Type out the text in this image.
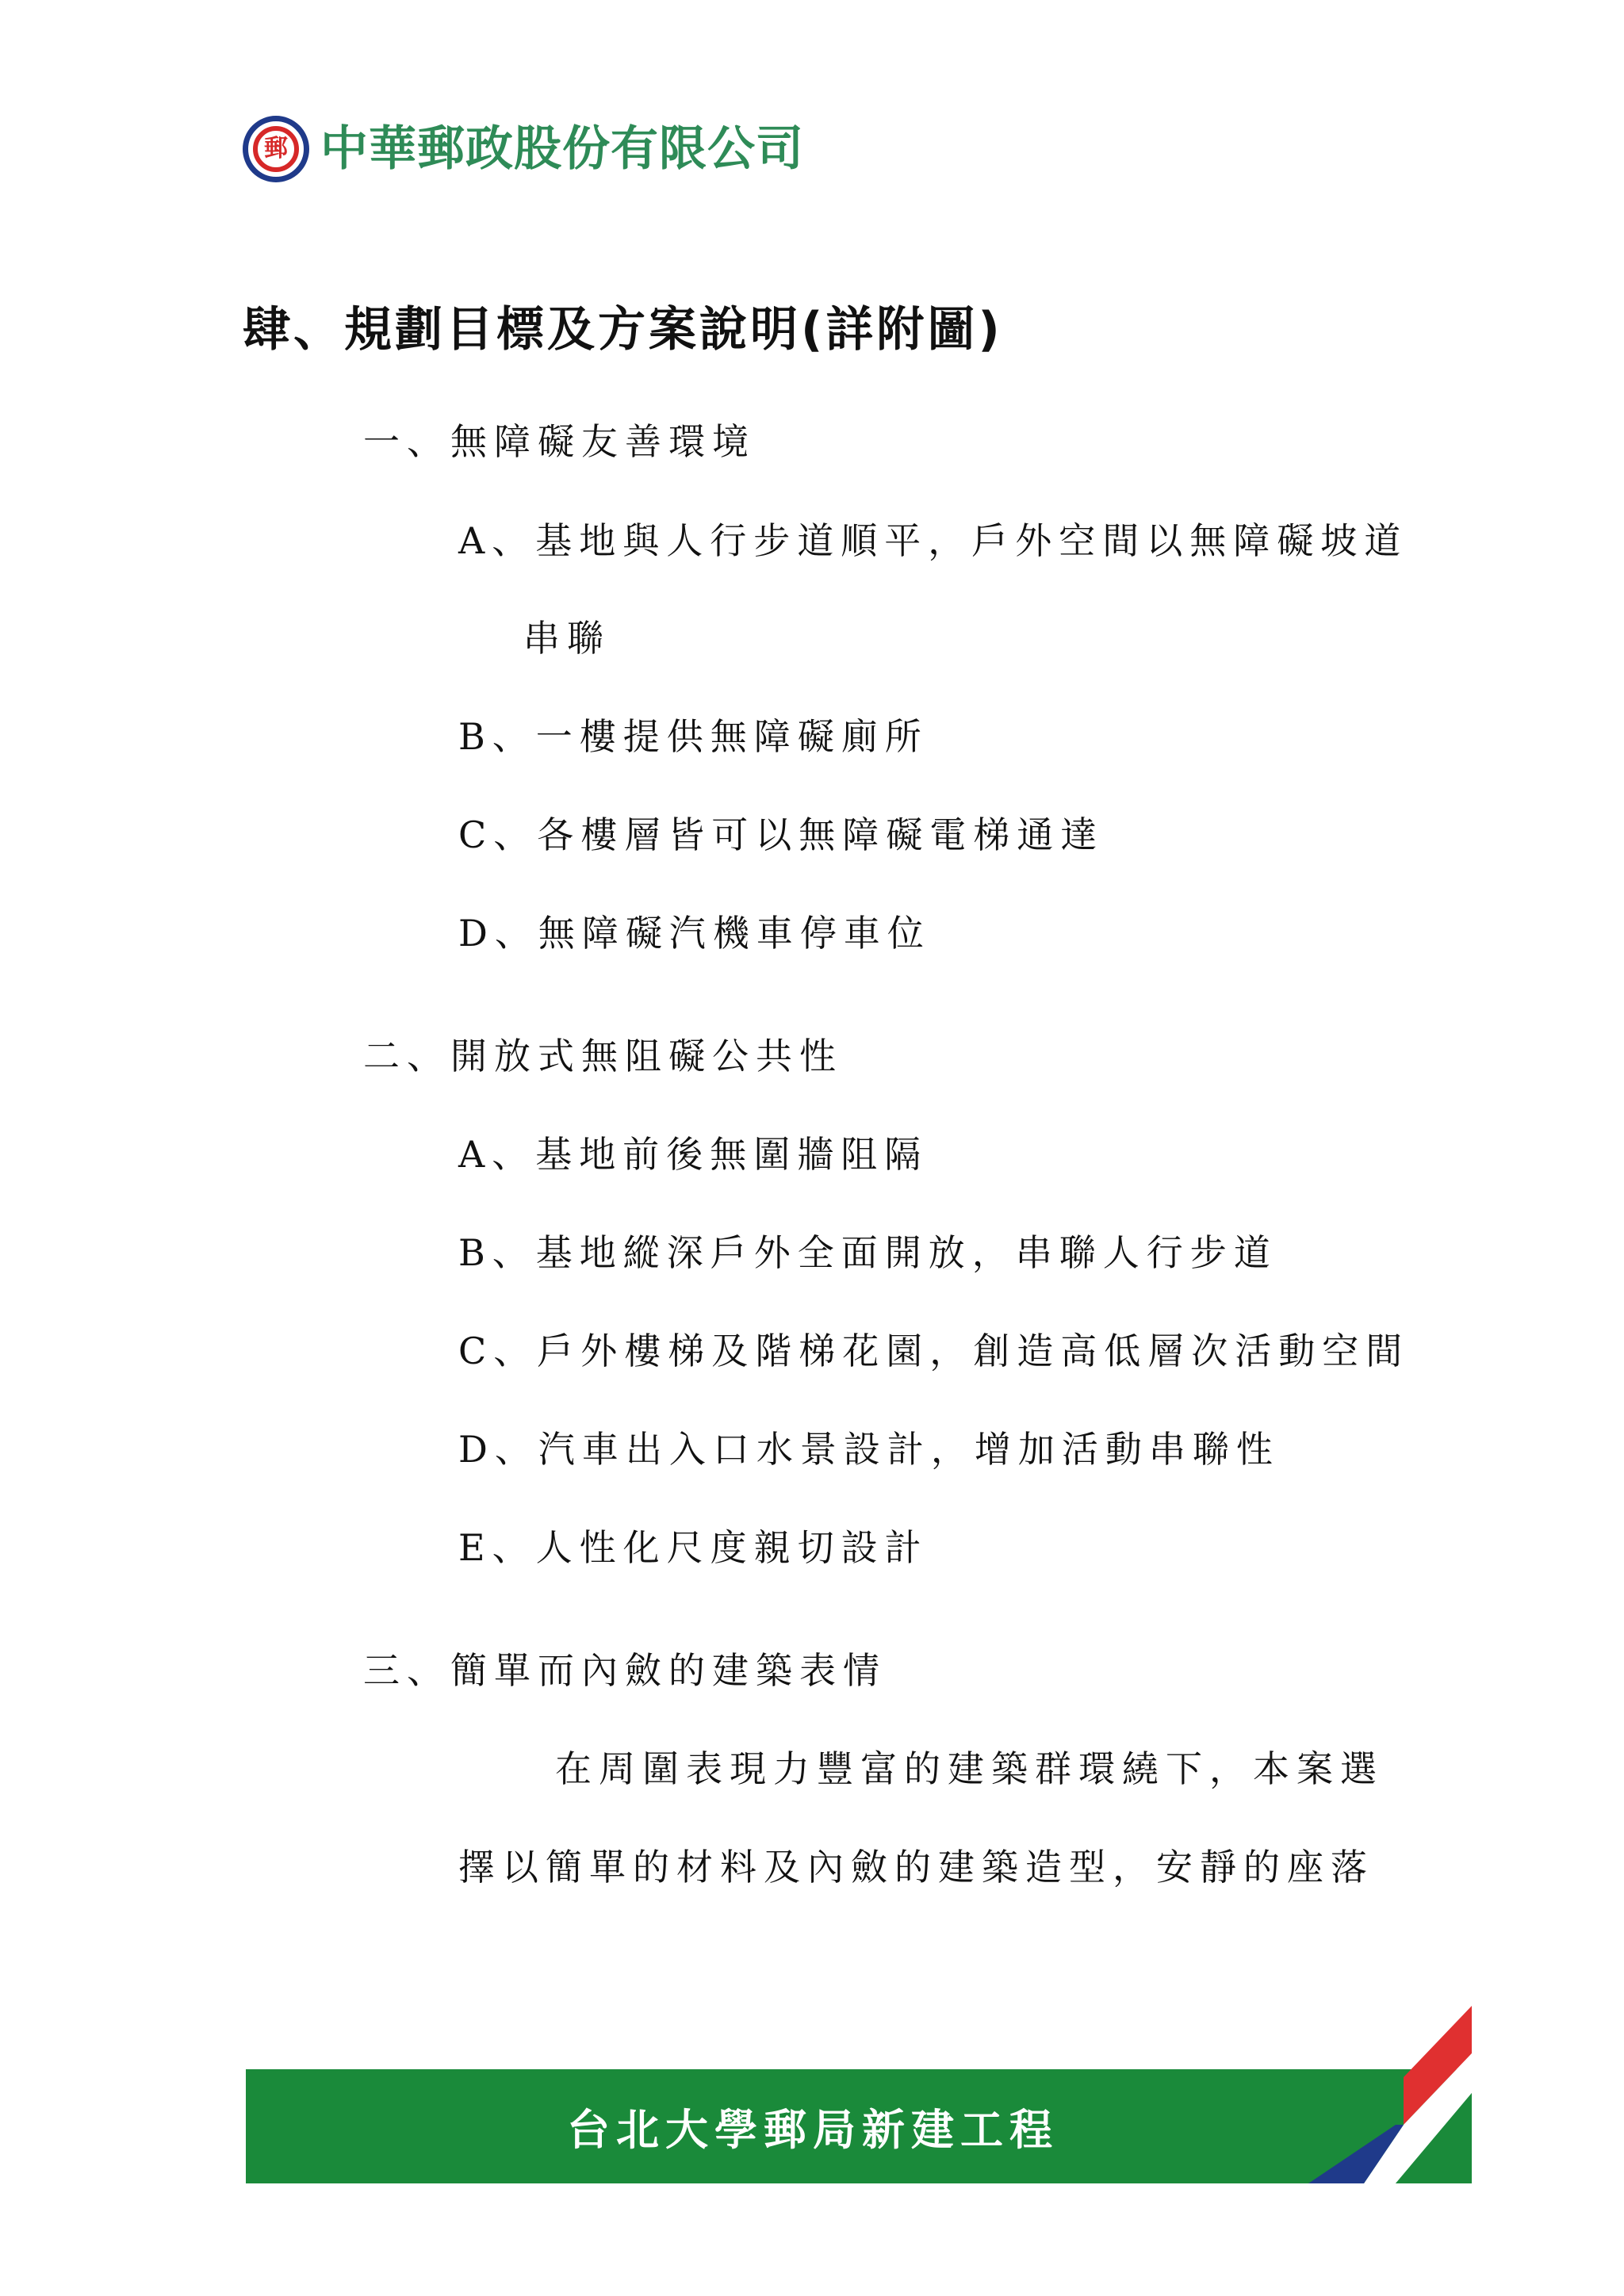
郵 中華郵政股份有限公司
肆、規劃目標及方案說明(詳附圖)
一、無障礙友善環境
A、基地與人行步道順平，戶外空間以無障礙坡道
串聯
B、一樓提供無障礙廁所
C、各樓層皆可以無障礙電梯通達
D、無障礙汽機車停車位
二、開放式無阻礙公共性
A、基地前後無圍牆阻隔
B、基地縱深戶外全面開放，串聯人行步道
C、戶外樓梯及階梯花園，創造高低層次活動空間
D、汽車出入口水景設計，增加活動串聯性
E、人性化尺度親切設計
三、簡單而內斂的建築表情
在周圍表現力豐富的建築群環繞下，本案選
擇以簡單的材料及內斂的建築造型，安靜的座落
台北大學郵局新建工程
